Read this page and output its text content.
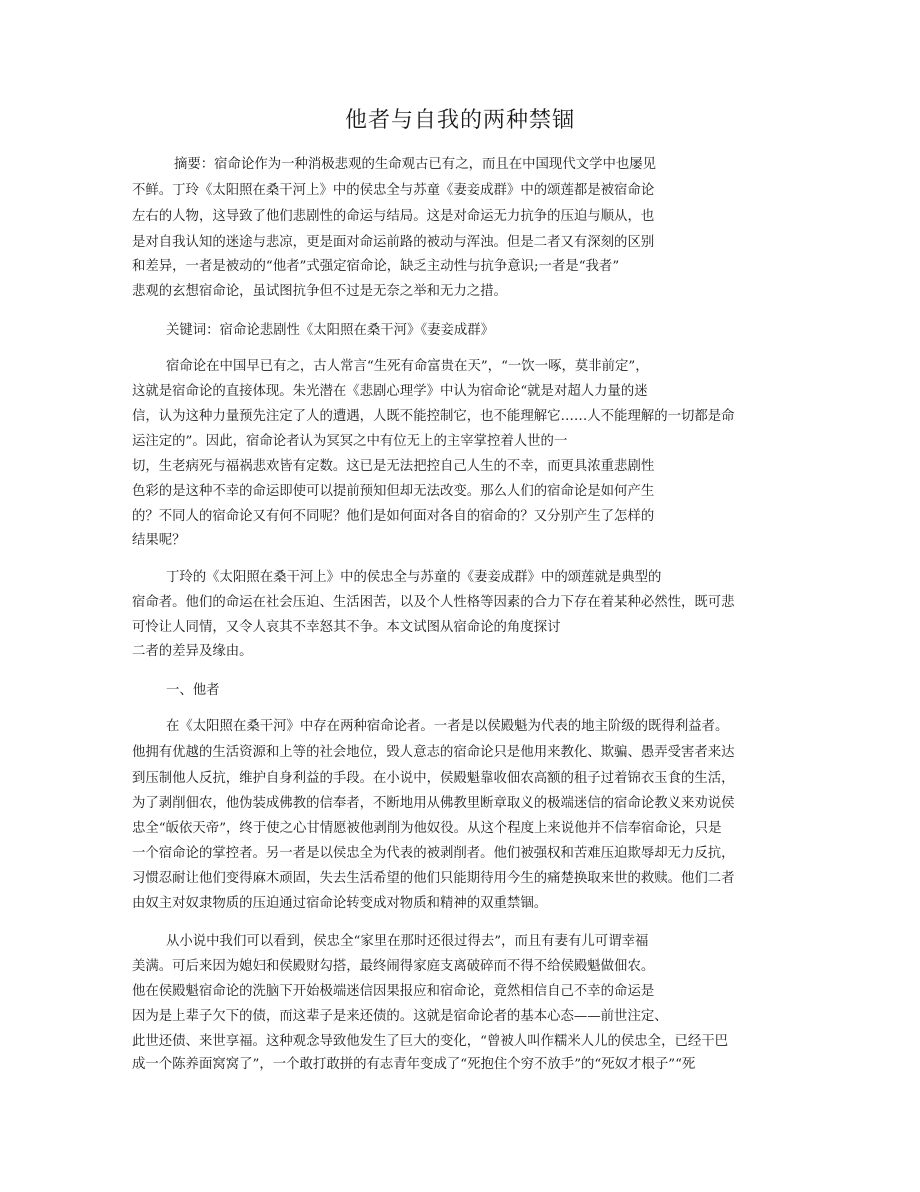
他者与自我的两种禁锢
摘要：宿命论作为一种消极悲观的生命观古已有之，而且在中国现代文学中也屡见
不鲜。丁玲《太阳照在桑干河上》中的侯忠全与苏童《妻妾成群》中的颂莲都是被宿命论
左右的人物，这导致了他们悲剧性的命运与结局。这是对命运无力抗争的压迫与顺从，也
是对自我认知的迷途与悲凉，更是面对命运前路的被动与浑浊。但是二者又有深刻的区别
和差异，一者是被动的“他者”式强定宿命论，缺乏主动性与抗争意识;一者是“我者”
悲观的玄想宿命论，虽试图抗争但不过是无奈之举和无力之措。
关键词：宿命论悲剧性《太阳照在桑干河》《妻妾成群》
宿命论在中国早已有之，古人常言“生死有命富贵在天”，“一饮一啄，莫非前定”，
这就是宿命论的直接体现。朱光潜在《悲剧心理学》中认为宿命论“就是对超人力量的迷
信，认为这种力量预先注定了人的遭遇，人既不能控制它，也不能理解它……人不能理解的一切都是命
运注定的”。因此，宿命论者认为冥冥之中有位无上的主宰掌控着人世的一
切，生老病死与福祸悲欢皆有定数。这已是无法把控自己人生的不幸，而更具浓重悲剧性
色彩的是这种不幸的命运即使可以提前预知但却无法改变。那么人们的宿命论是如何产生
的？不同人的宿命论又有何不同呢？他们是如何面对各自的宿命的？又分别产生了怎样的
结果呢？
丁玲的《太阳照在桑干河上》中的侯忠全与苏童的《妻妾成群》中的颂莲就是典型的
宿命者。他们的命运在社会压迫、生活困苦，以及个人性格等因素的合力下存在着某种必然性，既可悲
可怜让人同情，又令人哀其不幸怒其不争。本文试图从宿命论的角度探讨
二者的差异及缘由。
一、他者
在《太阳照在桑干河》中存在两种宿命论者。一者是以侯殿魁为代表的地主阶级的既得利益者。
他拥有优越的生活资源和上等的社会地位，毁人意志的宿命论只是他用来教化、欺骗、愚弄受害者来达
到压制他人反抗，维护自身利益的手段。在小说中，侯殿魁靠收佃农高额的租子过着锦衣玉食的生活，
为了剥削佃农，他伪装成佛教的信奉者，不断地用从佛教里断章取义的极端迷信的宿命论教义来劝说侯
忠全“皈依天帝”，终于使之心甘情愿被他剥削为他奴役。从这个程度上来说他并不信奉宿命论，只是
一个宿命论的掌控者。另一者是以侯忠全为代表的被剥削者。他们被强权和苦难压迫欺辱却无力反抗，
习惯忍耐让他们变得麻木顽固，失去生活希望的他们只能期待用今生的痛楚换取来世的救赎。他们二者
由奴主对奴隶物质的压迫通过宿命论转变成对物质和精神的双重禁锢。
从小说中我们可以看到，侯忠全“家里在那时还很过得去”，而且有妻有儿可谓幸福
美满。可后来因为媳妇和侯殿财勾搭，最终闹得家庭支离破碎而不得不给侯殿魁做佃农。
他在侯殿魁宿命论的洗脑下开始极端迷信因果报应和宿命论，竟然相信自己不幸的命运是
因为是上辈子欠下的债，而这辈子是来还债的。这就是宿命论者的基本心态——前世注定、
此世还债、来世享福。这种观念导致他发生了巨大的变化，“曾被人叫作糯米人儿的侯忠全，已经干巴
成一个陈养面窝窝了”，一个敢打敢拼的有志青年变成了“死抱住个穷不放手”的“死奴才根子”“死
